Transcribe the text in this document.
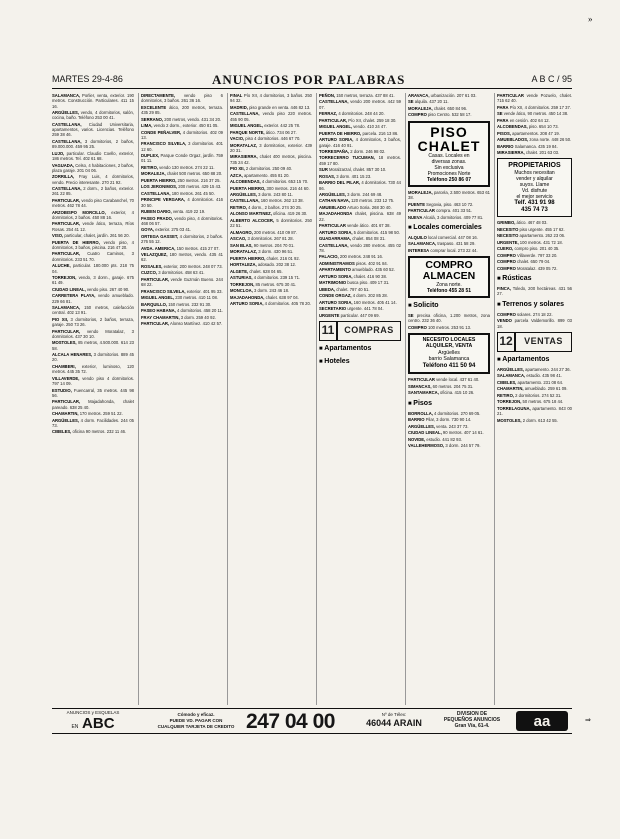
»
MARTES 29-4-86	ANUNCIOS POR PALABRAS	A B C / 95

SALAMANCA, Porlier, venta, exterior. 190 metros. Construcción. Particulares. 411 15 16.

ARGÜELLES, vendo, 4 dormitorios, salón, cocina, baño. Teléfono 253 00 41.

CASTELLANA, Ciudad Universitaria, apartamentos, varios. Licencias. Teléfono 259 38 46.

CASTELLANA, 3 dormitorios, 2 baños, 89.000.000. 459 95 25.

LUJO, particular. Claudio Coello, exterior, 186 metros. Tel. 402 61 68.

VAGUADA, Celso, 4 habitaciones, 2 baños, plaza garaje. 201 04 06.

ZORRILLA, Fray Luis, 4 dormitorios, vendo. Precio interesante. 270 21 92.

CASTELLANA, 2 dorm., 2 baños, exterior. 261 22 85.

PARTICULAR, vendo piso Carabanchel, 70 metros. 462 78 44.

ARZOBISPO MORCILLO, exterior, 4 dormitorios, 2 baños. 450 88 16.

PARTICULAR, vende ático, terraza, Ríos Rosas. 254 41 12.

VISO, particular, chalet, jardín. 261 56 20.

PUERTA DE HIERRO, vendo piso, 4 dormitorios, 3 baños, piscina. 216 47 20.

PARTICULAR, Cuatro Caminos, 3 dormitorios. 233 51 70.

ALUCHE, particular. 180.000 pts. 218 75 04.

TORREJON, vendo, 3 dorm., garaje. 675 61 49.

CIUDAD LINEAL, vendo piso. 267 40 90.

CARRETERA PLAYA, vendo amueblado. 229 66 81.

SALAMANCA, 150 metros, calefacción central. 402 13 91.

PIO XII, 3 dormitorios, 2 baños, terraza, garaje. 250 73 26.

PARTICULAR, vendo Moratalaz, 3 dormitorios. 437 30 10.

MOSTOLES, 85 metros, 4.500.000. 614 23 58.

ALCALA HENARES, 3 dormitorios. 889 45 20.

CHAMBERI, exterior, luminoso, 120 metros. 445 35 72.

VILLAVERDE, vendo piso 4 dormitorios. 797 14 09.

ESTUDIO, Fuencarral, 35 metros. 445 98 56.

PARTICULAR, Majadahonda, chalet pareado. 638 25 40.

CHAMARTIN, 170 metros. 259 51 22.

ARGÜELLES, 4 dorm. Facilidades. 244 05 73.

CIBELES, oficina 90 metros. 232 11 46.

DIRECTAMENTE, vendo piso 6 dormitorios, 3 baños. 261 36 16.

EXCELENTE ático, 200 metros, terraza. 435 29 85.

SERRANO, 200 metros, vendo. 431 34 20.

LIMA, vendo 2 dorm., exterior. 450 81 05.

CONDE PEÑALVER, 4 dormitorios. 402 09 13.

FRANCISCO SILVELA, 3 dormitorios. 401 12 60.

DUPLEX, Parque Conde Orgaz, jardín. 759 01 11.

RETIRO, vendo 130 metros. 274 22 11.

MORALEJA, chalet 500 metros. 650 88 20.

PUERTA HIERRO, 250 metros. 216 37 25.

LOS JERONIMOS, 200 metros. 429 15 43.

CASTELLANA, 180 metros. 261 45 50.

PRINCIPE VERGARA, 4 dormitorios. 416 30 50.

RUBEN DARIO, venta. 419 22 19.

PASEO PRADO, vendo piso, 4 dormitorios. 468 06 57.

GOYA, exterior. 275 03 41.

ORTEGA GASSET, 4 dormitorios, 2 baños. 276 55 12.

AVDA. AMERICA, 150 metros. 415 27 07.

VELAZQUEZ, 180 metros, vendo. 435 41 62.

ROSALES, exterior, 200 metros. 248 07 73.

CUZCO, 3 dormitorios. 458 63 41.

PARTICULAR, vende Guzmán Bueno. 244 68 22.

FRANCISCO SILVELA, exterior. 401 95 33.

MIGUEL ANGEL, 230 metros. 410 11 08.

BARQUILLO, 150 metros. 232 91 30.

PASEO HABANA, 4 dormitorios. 458 20 11.

FRAY CHAMARTIN, 3 dorm. 259 40 92.

PARTICULAR, Alonso Martínez. 410 42 57.

FINAL Pío XII, 4 dormitorios, 3 baños. 250 94 32.

MADRID, piso grande en venta. 446 82 13.

CASTELLANA, vendo piso 220 metros. 455 90 05.

MIGUEL ANGEL, exterior. 442 25 78.

PARQUE NORTE, ático. 734 06 27.

VACIO, piso 4 dormitorios. 446 67 70.

MORATALAZ, 3 dormitorios, exterior. 439 20 31.

MIRASIERRA, chalet 400 metros, piscina. 735 24 42.

PIO XII, 2 dormitorios. 250 09 40.

AZCA, apartamento. 455 81 20.

ALCOBENDAS, 4 dormitorios. 653 15 70.

PUERTA HIERRO, 300 metros. 216 44 60.

ARGÜELLES, 3 dorm. 243 80 11.

CASTELLANA, 160 metros. 262 13 38.

RETIRO, 4 dorm., 2 baños. 274 30 25.

ALONSO MARTINEZ, oficina. 419 26 30.

ALBERTO ALCOCER, 5 dormitorios. 250 22 51.

ALMAGRO, 200 metros. 410 09 87.

ASCAO, 3 dormitorios. 267 81 28.

SAN BLAS, 90 metros. 204 70 01.

MORATALAZ, 3 dorm. 430 96 51.

PUERTA HIERRO, chalet. 216 01 92.

HORTALEZA, adosado. 202 38 12.

ALGETE, chalet. 628 04 65.

ASTURIAS, 4 dormitorios. 239 15 71.

TORREJON, 85 metros. 675 30 41.

MONCLOA, 3 dorm. 243 46 18.

MAJADAHONDA, chalet. 638 97 04.

ARTURO SORIA, 4 dormitorios. 405 78 20.

PEÑON, 150 metros, terraza. 437 88 41.

CASTELLANA, vendo 200 metros. 442 59 07.

FERRAZ, 4 dormitorios. 248 44 20.

PARTICULAR, Pío XII, chalet. 259 18 30.

MIGUEL ANGEL, vendo. 410 24 47.

PUERTA DE HIERRO, parcela. 216 13 86.

ARTURO SORIA, 4 dormitorios, 3 baños, garaje. 416 40 91.

TORRESPAÑA, 2 dorm. 246 98 02.

TORRECERRO TUCUMAN, 18 metros. 459 17 80.

SUR Moralzarzal, chalet. 857 30 10.

ROSAS, 3 dorm. 401 15 23.

BARRIO DEL PILAR, 4 dormitorios. 730 44 86.

ARGÜELLES, 3 dorm. 244 69 48.

CATHAN NAVA, 120 metros. 233 12 75.

AMUEBLADO Arturo Soria. 268 30 40.

MAJADAHONDA chalet, piscina. 638 49 22.

PARTICULAR vende ático. 401 67 38.

ARTURO SORIA, 5 dormitorios. 415 98 50.

GUADARRAMA, chalet. 854 08 31.

CASTELLANA, vendo 280 metros. 455 02 78.

PALACIO, 200 metros. 248 91 16.

ADMINISTRAMOS pisos. 402 91 84.

APARTAMENTO amueblado. 435 60 52.

ARTURO SORIA, chalet. 416 90 38.

MATRIMONIO busca piso. 409 17 31.

UBEDA, chalet. 797 40 51.

CONDE ORGAZ, 4 dorm. 202 85 28.

ARTURO SORIA, 160 metros. 405 41 14.

SECRETARIO urgente. 441 78 04.

URGENTE particular. 447 09 69.

11	COMPRAS
■ Apartamentos
■ Hoteles

ARAVACA, urbanización. 207 61 03.

SE alquila. 437 20 11.

MORALEJA, chalet. 650 84 96.

COMPRO piso Centro. 532 58 17.

PISO
CHALET
Casas. Locales en
diversas zonas.
Sin exclusiva
Promociones Norte
Teléfono 250 86 07

MORALEJA, parcela, 2.500 metros. 653 61 38.

PUENTE Segovia, piso. 463 10 72.

PARTICULAR compra. 401 33 51.

NUEVA Alcalá, 3 dormitorios. 409 77 81.

■ Locales comerciales

ALQUILO local comercial. 447 08 16.

SALAMANCA, traspaso. 431 58 29.

INTERESA comprar local. 273 22 44.

COMPRO
ALMACEN
Zona norte.
Teléfono 455 28 51
■ Solicito

SE precisa oficina, 1.200 metros, zona centro. 232 36 40.

COMPRO 100 metros. 253 91 13.

NECESITO LOCALES
ALQUILER, VENTA
Argüelles
barrio Salamanca
Teléfono 411 50 94

PARTICULAR vende local. 437 61 40.

SIMANCAS, 60 metros. 204 75 31.

SANTAMARCA, oficina. 415 10 26.

■ Pisos

BORROLLA, 4 dormitorios. 270 69 05.

BARRIO Pilar, 3 dorm. 730 90 14.

ARGÜELLES, venta. 243 37 73.

CIUDAD LINEAL, 90 metros. 407 14 61.

NOVIDE, estudio. 441 82 93.

VALLEHERMOSO, 3 dorm. 244 57 79.

PARTICULAR vende Pozuelo, chalet. 715 62 40.

PARA Pío XII, 4 dormitorios. 259 17 37.

SE vende ático, 90 metros. 450 14 38.

PARA en cesión. 402 64 12.

ALCOBENDAS, piso. 654 10 73.

PISOS, apartamentos. 208 47 19.

AMUEBLADOS, zona norte. 448 26 50.

BARRIO Salamanca. 435 19 84.

MIRASIERRA, chalet. 201 63 03.

PROPIETARIOS
Muchos necesitan
vender y alquilar
suyos. Llame
Vd. disfrute
el mejor servicio
Telf. 431 91 98
435 74 73

GRIMBO, ático. 467 48 03.

NECESITO piso urgente. 455 17 62.

NECESITO apartamento. 262 23 06.

URGENTE, 100 metros. 431 72 18.

CUERO, compro piso. 201 40 35.

COMPRO Villaverde. 797 33 20.

COMPRO chalet. 650 79 04.

COMPRO Moratalaz. 439 05 72.

■ Rústicas

FINCA, Toledo, 200 hectáreas. 431 56 27.

■ Terrenos y solares

COMPRO solares. 274 18 22.

VENDO parcela Valdemorillo. 899 03 18.

12	VENTAS
■ Apartamentos

ARGÜELLES, apartamento. 244 27 36.

SALAMANCA, estudio. 435 98 41.

CIBELES, apartamento. 231 08 64.

CHAMARTIN, amueblado. 259 61 09.

RETIRO, 2 dormitorios. 274 52 31.

TORREJON, 50 metros. 675 18 44.

TORRELAGUNA, apartamento. 843 00 21.

MOSTOLES, 2 dorm. 613 42 55.

ANUNCIOS y ESQUELAS
EN ABC
Cómodo y eficaz.
PUEDE VD. PAGAR CON
CUALQUIER TARJETA DE CREDITO 247 04 00	Nº de Télex:
46044 ARAIN
DIVISION DE
PEQUEÑOS ANUNCIOS
Gran Vía, 61-4.	aa	⇒
